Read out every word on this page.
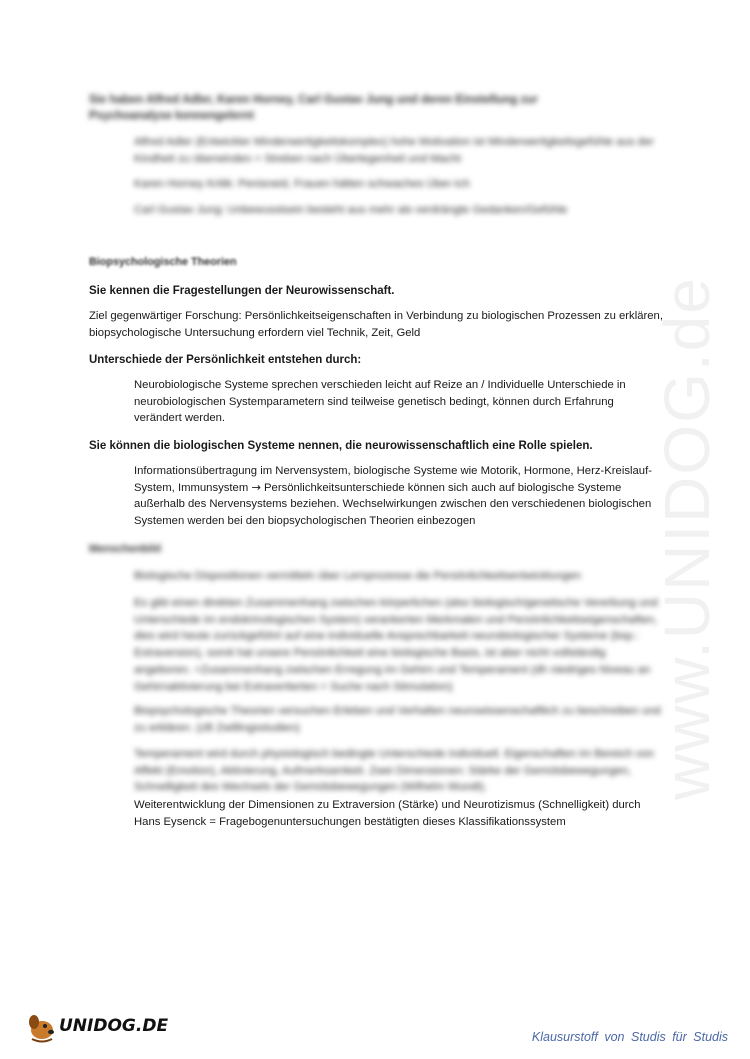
www.UNIDOG.de
Sie haben Alfred Adler, Karen Horney, Carl Gustav Jung und deren Einstellung zur Psychoanalyse kennengelernt
Alfred Adler (Entwickler Minderwertigkeitskomplex) hohe Motivation ist Minderwertigkeitsgefühle aus der Kindheit zu überwinden = Streben nach Überlegenheit und Macht
Karen Horney Kritik: Penisneid, Frauen hätten schwaches Über-Ich
Carl Gustav Jung: Unbewusstsein besteht aus mehr als verdrängte Gedanken/Gefühle
Biopsychologische Theorien
Sie kennen die Fragestellungen der Neurowissenschaft.
Ziel gegenwärtiger Forschung: Persönlichkeitseigenschaften in Verbindung zu biologischen Prozessen zu erklären, biopsychologische Untersuchung erfordern viel Technik, Zeit, Geld
Unterschiede der Persönlichkeit entstehen durch:
Neurobiologische Systeme sprechen verschieden leicht auf Reize an / Individuelle Unterschiede in neurobiologischen Systemparametern sind teilweise genetisch bedingt, können durch Erfahrung verändert werden.
Sie können die biologischen Systeme nennen, die neurowissenschaftlich eine Rolle spielen.
Informationsübertragung im Nervensystem, biologische Systeme wie Motorik, Hormone, Herz-Kreislauf-System, Immunsystem → Persönlichkeitsunterschiede können sich auch auf biologische Systeme außerhalb des Nervensystems beziehen. Wechselwirkungen zwischen den verschiedenen biologischen Systemen werden bei den biopsychologischen Theorien einbezogen
Menschenbild
Biologische Dispositionen vermitteln über Lernprozesse die Persönlichkeitsentwicklungen
Es gibt einen direkten Zusammenhang zwischen körperlichen (also biologisch/genetische Vererbung und Unterschiede im endokrinologischen System) verankerten Merkmalen und Persönlichkeitseigenschaften, dies wird heute zurückgeführt auf eine individuelle Ansprechbarkeit neurobiologischer Systeme (bsp.: Extraversion), somit hat unsere Persönlichkeit eine biologische Basis, ist aber nicht vollständig angeboren. =Zusammenhang zwischen Erregung im Gehirn und Temperament (dh niedriges Niveau an Gehirnaktivierung bei Extravertierten = Suche nach Stimulation)
Biopsychologische Theorien versuchen Erleben und Verhalten neurowissenschaftlich zu beschreiben und zu erklären. (zB Zwillingsstudien)
Temperament wird durch physiologisch bedingte Unterschiede individuell. Eigenschaften im Bereich von Affekt (Emotion), Aktivierung, Aufmerksamkeit. Zwei Dimensionen: Stärke der Gemütsbewegungen, Schnelligkeit des Wechsels der Gemütsbewegungen (Wilhelm Wundt).
Weiterentwicklung der Dimensionen zu Extraversion (Stärke) und Neurotizismus (Schnelligkeit) durch Hans Eysenck = Fragebogenuntersuchungen bestätigten dieses Klassifikationssystem
UNIDOG.DE
Klausurstoff von Studis für Studis
